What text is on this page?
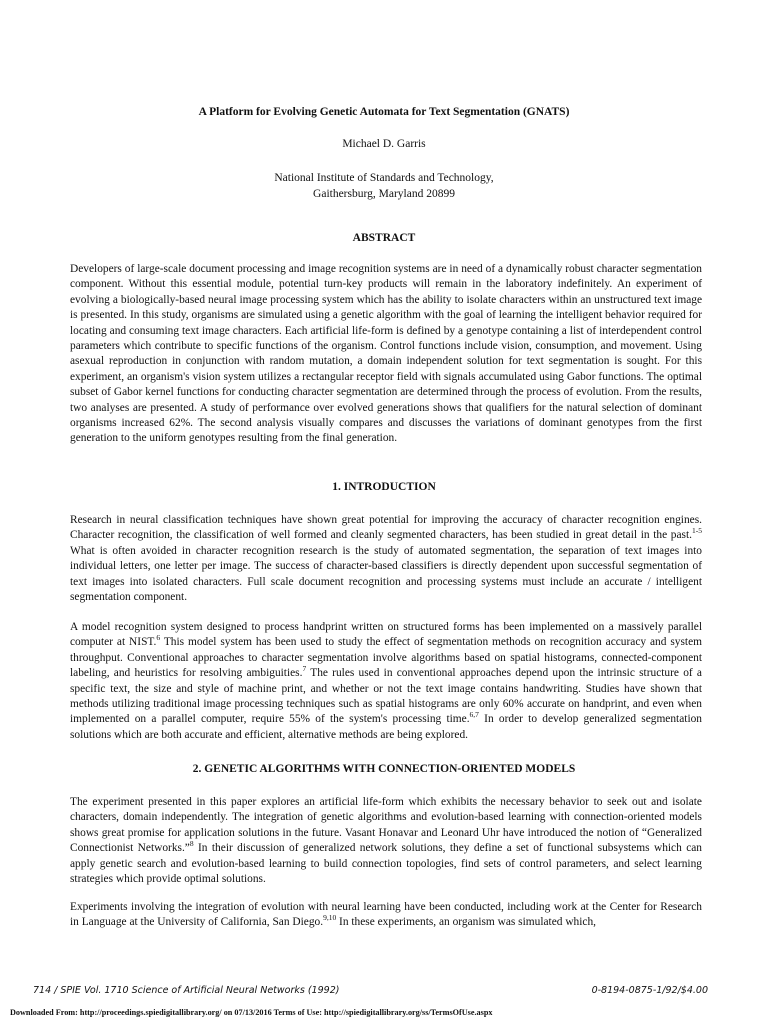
A Platform for Evolving Genetic Automata for Text Segmentation (GNATS)
Michael D. Garris
National Institute of Standards and Technology,
Gaithersburg, Maryland 20899
ABSTRACT

Developers of large-scale document processing and image recognition systems are in need of a dynamically robust character segmentation component. Without this essential module, potential turn-key products will remain in the laboratory indefinitely. An experiment of evolving a biologically-based neural image processing system which has the ability to isolate characters within an unstructured text image is presented. In this study, organisms are simulated using a genetic algorithm with the goal of learning the intelligent behavior required for locating and consuming text image characters. Each artificial life-form is defined by a genotype containing a list of interdependent control parameters which contribute to specific functions of the organism. Control functions include vision, consumption, and movement. Using asexual reproduction in conjunction with random mutation, a domain independent solution for text segmentation is sought. For this experiment, an organism's vision system utilizes a rectangular receptor field with signals accumulated using Gabor functions. The optimal subset of Gabor kernel functions for conducting character segmentation are determined through the process of evolution. From the results, two analyses are presented. A study of performance over evolved generations shows that qualifiers for the natural selection of dominant organisms increased 62%. The second analysis visually compares and discusses the variations of dominant genotypes from the first generation to the uniform genotypes resulting from the final generation.

1. INTRODUCTION

Research in neural classification techniques have shown great potential for improving the accuracy of character recognition engines. Character recognition, the classification of well formed and cleanly segmented characters, has been studied in great detail in the past.$^{1-5}$ What is often avoided in character recognition research is the study of automated segmentation, the separation of text images into individual letters, one letter per image. The success of character-based classifiers is directly dependent upon successful segmentation of text images into isolated characters. Full scale document recognition and processing systems must include an accurate / intelligent segmentation component.

A model recognition system designed to process handprint written on structured forms has been implemented on a massively parallel computer at NIST.$^6$ This model system has been used to study the effect of segmentation methods on recognition accuracy and system throughput. Conventional approaches to character segmentation involve algorithms based on spatial histograms, connected-component labeling, and heuristics for resolving ambiguities.$^7$ The rules used in conventional approaches depend upon the intrinsic structure of a specific text, the size and style of machine print, and whether or not the text image contains handwriting. Studies have shown that methods utilizing traditional image processing techniques such as spatial histograms are only 60% accurate on handprint, and even when implemented on a parallel computer, require 55% of the system's processing time.$^{6,7}$ In order to develop generalized segmentation solutions which are both accurate and efficient, alternative methods are being explored.

2. GENETIC ALGORITHMS WITH CONNECTION-ORIENTED MODELS

The experiment presented in this paper explores an artificial life-form which exhibits the necessary behavior to seek out and isolate characters, domain independently. The integration of genetic algorithms and evolution-based learning with connection-oriented models shows great promise for application solutions in the future. Vasant Honavar and Leonard Uhr have introduced the notion of “Generalized Connectionist Networks.”$^8$ In their discussion of generalized network solutions, they define a set of functional subsystems which can apply genetic search and evolution-based learning to build connection topologies, find sets of control parameters, and select learning strategies which provide optimal solutions.

Experiments involving the integration of evolution with neural learning have been conducted, including work at the Center for Research in Language at the University of California, San Diego.$^{9,10}$ In these experiments, an organism was simulated which,

714 / SPIE Vol. 1710 Science of Artificial Neural Networks (1992)	0-8194-0875-1/92/$4.00
Downloaded From: http://proceedings.spiedigitallibrary.org/ on 07/13/2016 Terms of Use: http://spiedigitallibrary.org/ss/TermsOfUse.aspx
